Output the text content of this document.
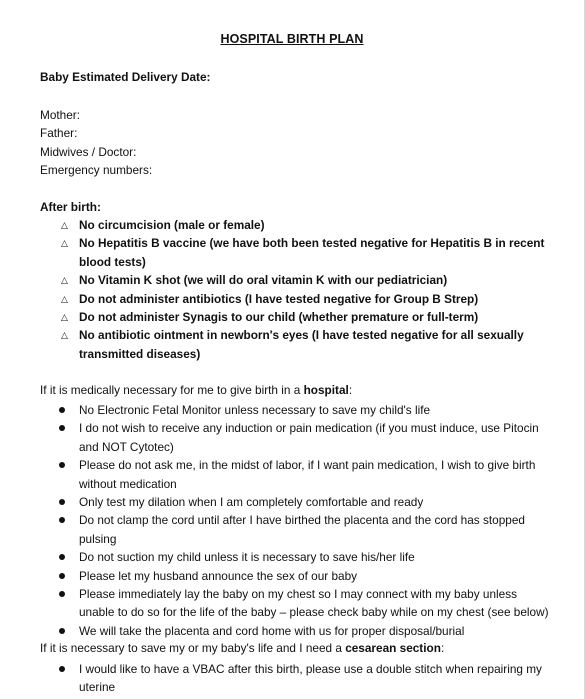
HOSPITAL BIRTH PLAN
Baby Estimated Delivery Date:
Mother:
Father:
Midwives / Doctor:
Emergency numbers:
After birth:
△ No circumcision (male or female)
△ No Hepatitis B vaccine (we have both been tested negative for Hepatitis B in recent blood tests)
△ No Vitamin K shot (we will do oral vitamin K with our pediatrician)
△ Do not administer antibiotics (I have tested negative for Group B Strep)
△ Do not administer Synagis to our child (whether premature or full-term)
△ No antibiotic ointment in newborn's eyes (I have tested negative for all sexually transmitted diseases)
If it is medically necessary for me to give birth in a hospital:
No Electronic Fetal Monitor unless necessary to save my child's life
I do not wish to receive any induction or pain medication (if you must induce, use Pitocin and NOT Cytotec)
Please do not ask me, in the midst of labor, if I want pain medication, I wish to give birth without medication
Only test my dilation when I am completely comfortable and ready
Do not clamp the cord until after I have birthed the placenta and the cord has stopped pulsing
Do not suction my child unless it is necessary to save his/her life
Please let my husband announce the sex of our baby
Please immediately lay the baby on my chest so I may connect with my baby unless unable to do so for the life of the baby – please check baby while on my chest (see below)
We will take the placenta and cord home with us for proper disposal/burial
If it is necessary to save my or my baby's life and I need a cesarean section:
I would like to have a VBAC after this birth, please use a double stitch when repairing my uterine
